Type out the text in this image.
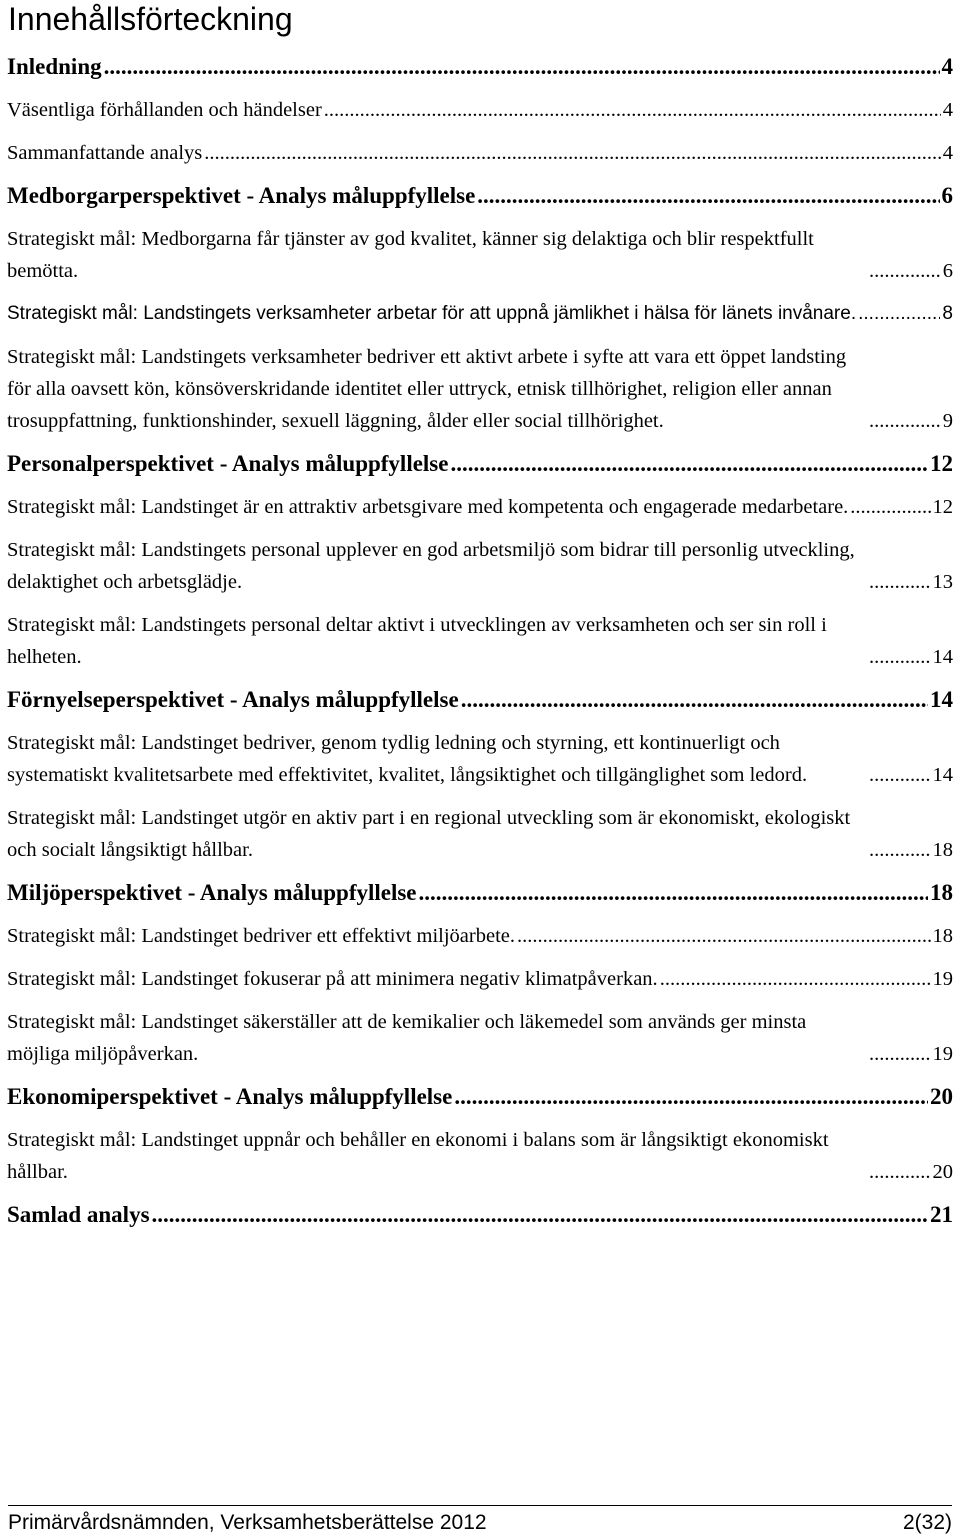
Innehållsförteckning
Inledning .....	4
Väsentliga förhållanden och händelser .....	4
Sammanfattande analys .....	4
Medborgarperspektivet - Analys måluppfyllelse .....	6
Strategiskt mål: Medborgarna får tjänster av god kvalitet, känner sig delaktiga och blir respektfullt bemötta. .....	6
Strategiskt mål: Landstingets verksamheter arbetar för att uppnå jämlikhet i hälsa för länets invånare. .....	8
Strategiskt mål: Landstingets verksamheter bedriver ett aktivt arbete i syfte att vara ett öppet landsting för alla oavsett kön, könsöverskridande identitet eller uttryck, etnisk tillhörighet, religion eller annan trosuppfattning, funktionshinder, sexuell läggning, ålder eller social tillhörighet. .....	9
Personalperspektivet - Analys måluppfyllelse .....	12
Strategiskt mål: Landstinget är en attraktiv arbetsgivare med kompetenta och engagerade medarbetare. .....	12
Strategiskt mål: Landstingets personal upplever en god arbetsmiljö som bidrar till personlig utveckling, delaktighet och arbetsglädje. .....	13
Strategiskt mål: Landstingets personal deltar aktivt i utvecklingen av verksamheten och ser sin roll i helheten. .....	14
Förnyelseperspektivet - Analys måluppfyllelse .....	14
Strategiskt mål: Landstinget bedriver, genom tydlig ledning och styrning, ett kontinuerligt och systematiskt kvalitetsarbete med effektivitet, kvalitet, långsiktighet och tillgänglighet som ledord. .....	14
Strategiskt mål: Landstinget utgör en aktiv part i en regional utveckling som är ekonomiskt, ekologiskt och socialt långsiktigt hållbar. .....	18
Miljöperspektivet - Analys måluppfyllelse .....	18
Strategiskt mål: Landstinget bedriver ett effektivt miljöarbete. .....	18
Strategiskt mål: Landstinget fokuserar på att minimera negativ klimatpåverkan. .....	19
Strategiskt mål: Landstinget säkerställer att de kemikalier och läkemedel som används ger minsta möjliga miljöpåverkan. .....	19
Ekonomiperspektivet - Analys måluppfyllelse .....	20
Strategiskt mål: Landstinget uppnår och behåller en ekonomi i balans som är långsiktigt ekonomiskt hållbar. .....	20
Samlad analys .....	21
Primärvårdsnämnden, Verksamhetsberättelse 2012	2(32)
